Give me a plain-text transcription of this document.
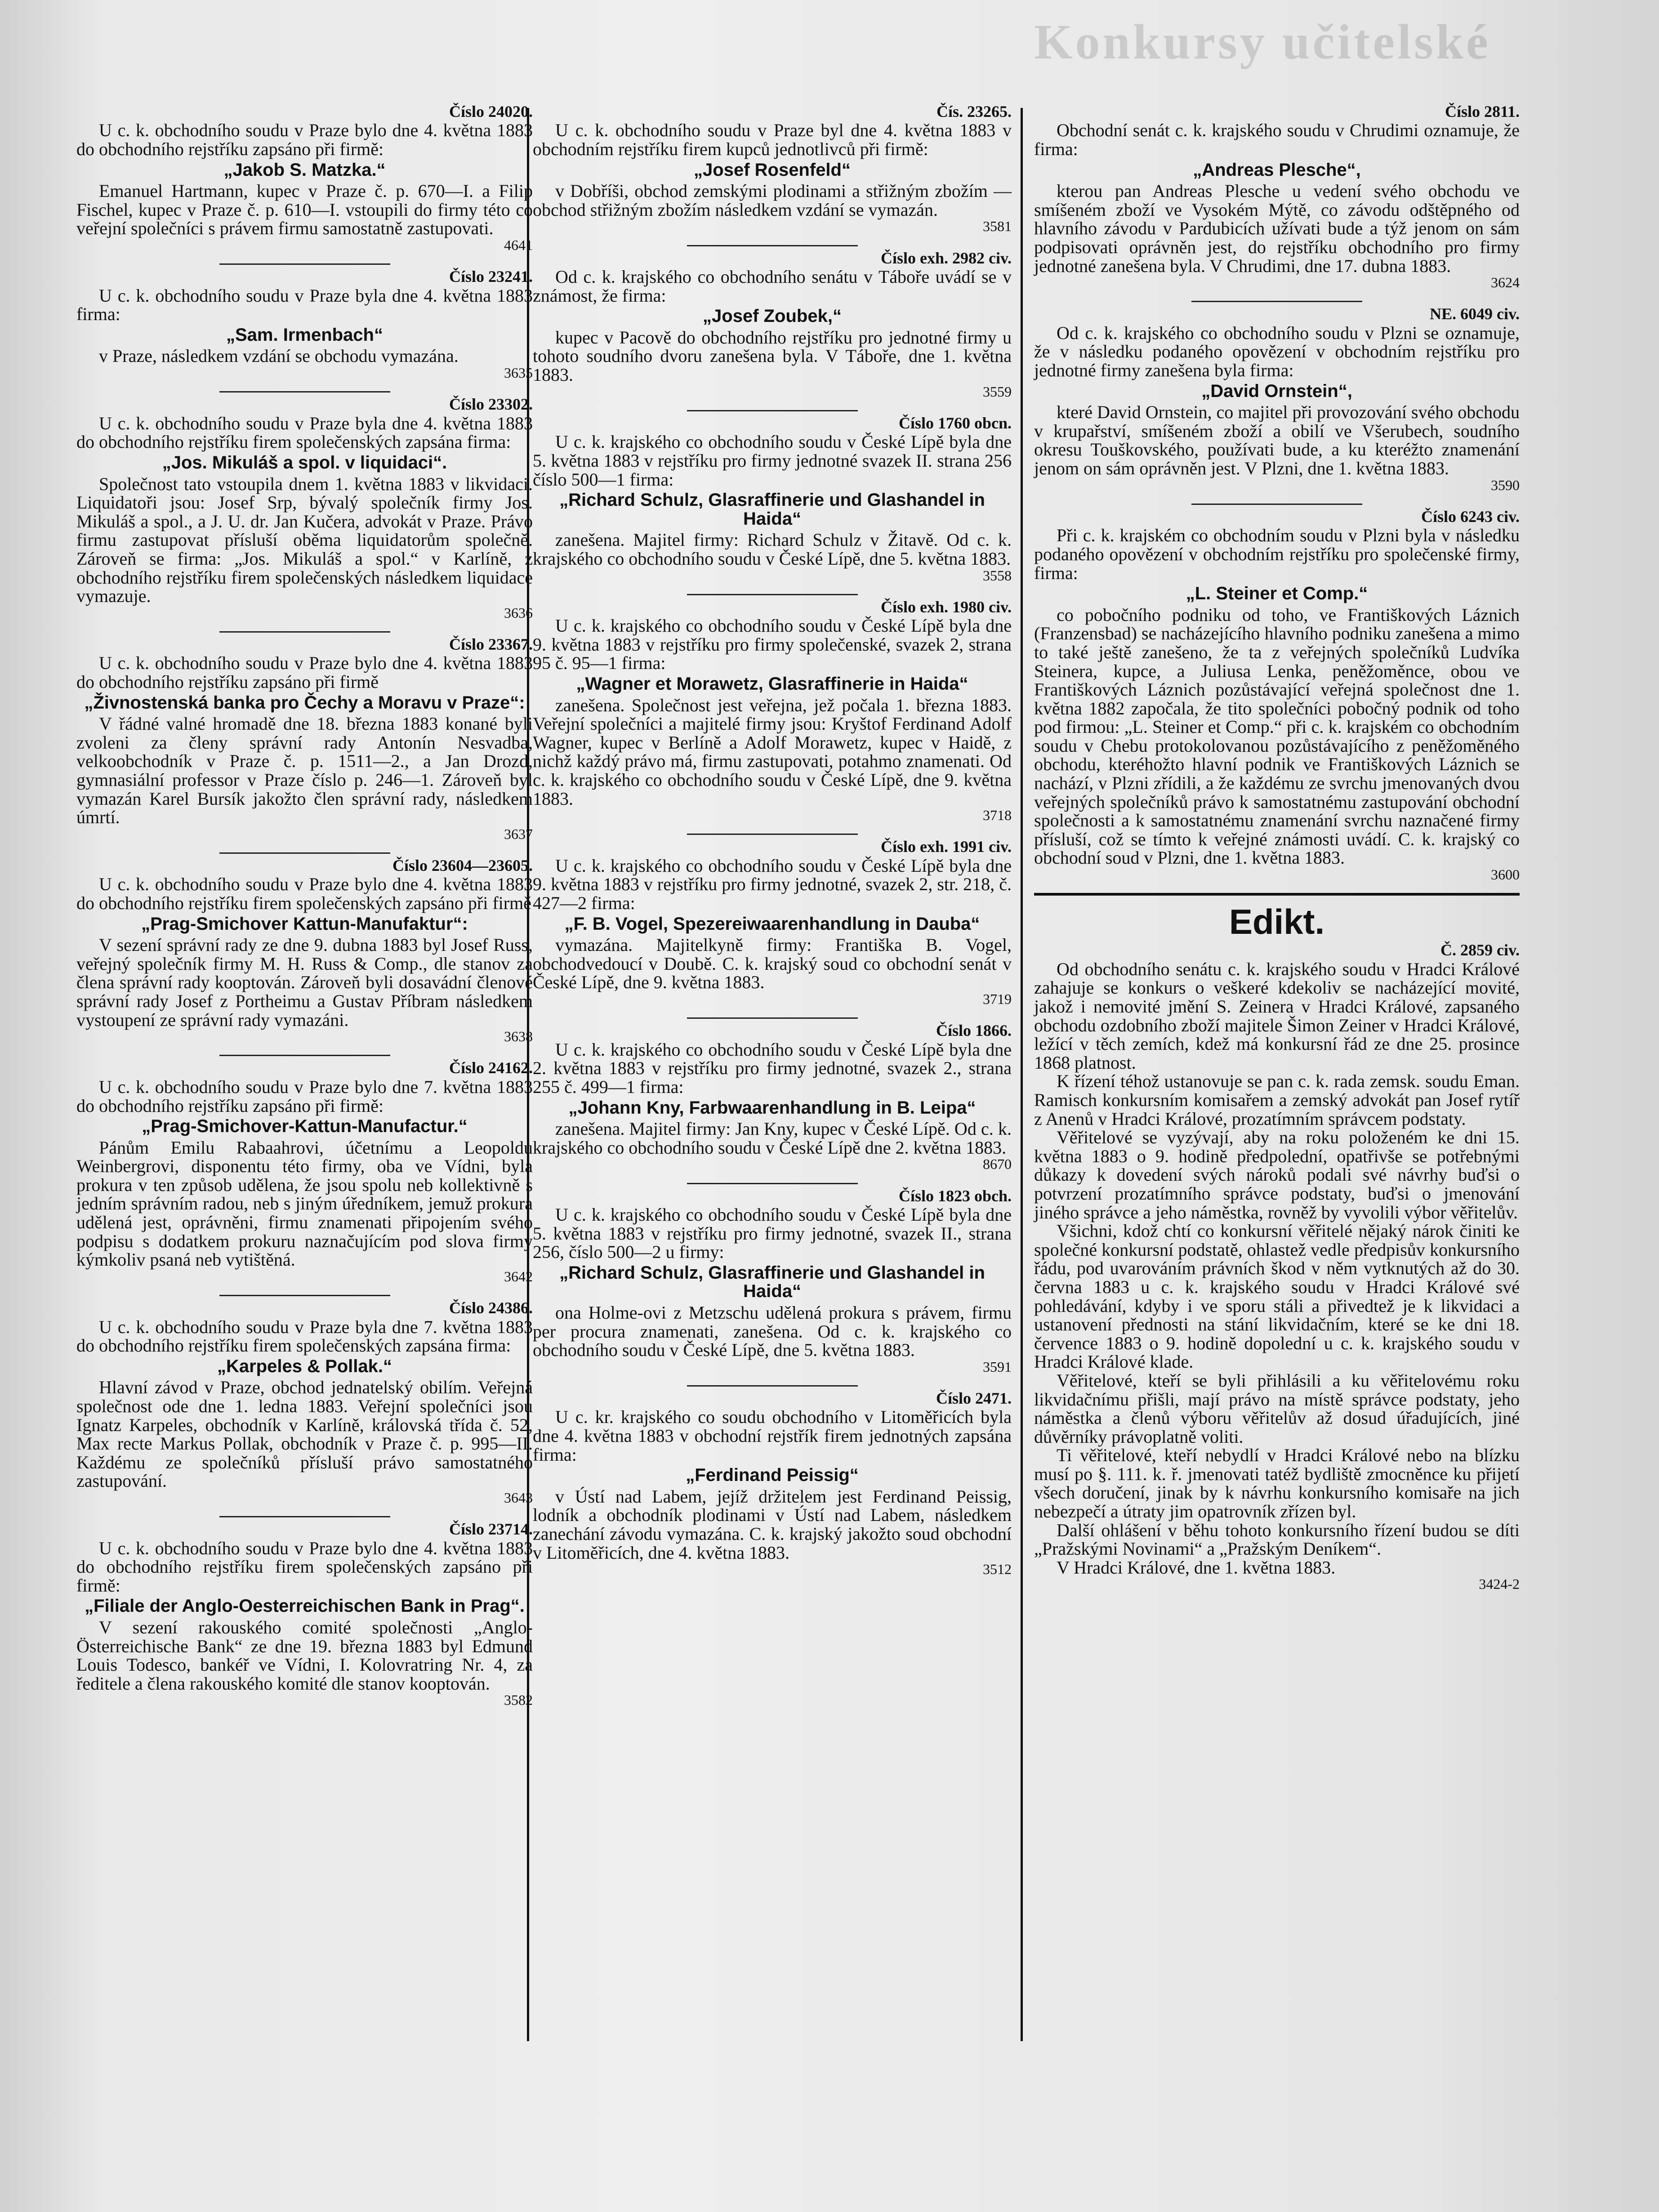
Konkursy učitelské
Číslo 24020.
U c. k. obchodního soudu v Praze bylo dne 4. května 1883 do obchodního rejstříku zapsáno při firmě:
„Jakob S. Matzka.“
Emanuel Hartmann, kupec v Praze č. p. 670—I. a Filip Fischel, kupec v Praze č. p. 610—I. vstoupili do firmy této co veřejní společníci s právem firmu samostatně zastupovati.
4641
Číslo 23241.
U c. k. obchodního soudu v Praze byla dne 4. května 1883 firma:
„Sam. Irmenbach“
v Praze, následkem vzdání se obchodu vymazána.
3635
Číslo 23302.
U c. k. obchodního soudu v Praze byla dne 4. května 1883 do obchodního rejstříku firem společenských zapsána firma:
„Jos. Mikuláš a spol. v liquidaci“.
Společnost tato vstoupila dnem 1. května 1883 v likvidaci. Liquidatoři jsou: Josef Srp, bývalý společník firmy Jos. Mikuláš a spol., a J. U. dr. Jan Kučera, advokát v Praze. Právo firmu zastupovat přísluší oběma liquidatorům společně. Zároveň se firma: „Jos. Mikuláš a spol.“ v Karlíně, z obchodního rejstříku firem společenských následkem liquidace vymazuje.
3636
Číslo 23367.
U c. k. obchodního soudu v Praze bylo dne 4. května 1883 do obchodního rejstříku zapsáno při firmě
„Živnostenská banka pro Čechy a Moravu v Praze“:
V řádné valné hromadě dne 18. března 1883 konané byli zvoleni za členy správní rady Antonín Nesvadba, velkoobchodník v Praze č. p. 1511—2., a Jan Drozd, gymnasiální professor v Praze číslo p. 246—1. Zároveň byl vymazán Karel Bursík jakožto člen správní rady, následkem úmrtí.
3637
Číslo 23604—23605.
U c. k. obchodního soudu v Praze bylo dne 4. května 1883 do obchodního rejstříku firem společenských zapsáno při firmě
„Prag-Smichover Kattun-Manufaktur“:
V sezení správní rady ze dne 9. dubna 1883 byl Josef Russ, veřejný společník firmy M. H. Russ & Comp., dle stanov za člena správní rady kooptován. Zároveň byli dosavádní členové správní rady Josef z Portheimu a Gustav Příbram následkem vystoupení ze správní rady vymazáni.
3638
Číslo 24162.
U c. k. obchodního soudu v Praze bylo dne 7. května 1883 do obchodního rejstříku zapsáno při firmě:
„Prag-Smichover-Kattun-Manufactur.“
Pánům Emilu Rabaahrovi, účetnímu a Leopoldu Weinbergrovi, disponentu této firmy, oba ve Vídni, byla prokura v ten způsob udělena, že jsou spolu neb kollektivně s jedním správním radou, neb s jiným úředníkem, jemuž prokura udělená jest, oprávněni, firmu znamenati připojením svého podpisu s dodatkem prokuru naznačujícím pod slova firmy kýmkoliv psaná neb vytištěná.
3642
Číslo 24386.
U c. k. obchodního soudu v Praze byla dne 7. května 1883 do obchodního rejstříku firem společenských zapsána firma:
„Karpeles & Pollak.“
Hlavní závod v Praze, obchod jednatelský obilím. Veřejná společnost ode dne 1. ledna 1883. Veřejní společníci jsou Ignatz Karpeles, obchodník v Karlíně, královská třída č. 52, Max recte Markus Pollak, obchodník v Praze č. p. 995—II. Každému ze společníků přísluší právo samostatného zastupování.
3643
Číslo 23714.
U c. k. obchodního soudu v Praze bylo dne 4. května 1883 do obchodního rejstříku firem společenských zapsáno při firmě:
„Filiale der Anglo-Oesterreichischen Bank in Prag“.
V sezení rakouského comité společnosti „Anglo-Österreichische Bank“ ze dne 19. března 1883 byl Edmund Louis Todesco, bankéř ve Vídni, I. Kolovratring Nr. 4, za ředitele a člena rakouského komité dle stanov kooptován.
3582
Čís. 23265.
U c. k. obchodního soudu v Praze byl dne 4. května 1883 v obchodním rejstříku firem kupců jednotlivců při firmě:
„Josef Rosenfeld“
v Dobříši, obchod zemskými plodinami a střižným zbožím — obchod střižným zbožím následkem vzdání se vymazán.
3581
Číslo exh. 2982 civ.
Od c. k. krajského co obchodního senátu v Táboře uvádí se v známost, že firma:
„Josef Zoubek,“
kupec v Pacově do obchodního rejstříku pro jednotné firmy u tohoto soudního dvoru zanešena byla. V Táboře, dne 1. května 1883.
3559
Číslo 1760 obcn.
U c. k. krajského co obchodního soudu v České Lípě byla dne 5. května 1883 v rejstříku pro firmy jednotné svazek II. strana 256 číslo 500—1 firma:
„Richard Schulz, Glasraffinerie und Glashandel in Haida“
zanešena. Majitel firmy: Richard Schulz v Žitavě. Od c. k. krajského co obchodního soudu v České Lípě, dne 5. května 1883.
3558
Číslo exh. 1980 civ.
U c. k. krajského co obchodního soudu v České Lípě byla dne 9. května 1883 v rejstříku pro firmy společenské, svazek 2, strana 95 č. 95—1 firma:
„Wagner et Morawetz, Glasraffinerie in Haida“
zanešena. Společnost jest veřejna, jež počala 1. března 1883. Veřejní společníci a majitelé firmy jsou: Kryštof Ferdinand Adolf Wagner, kupec v Berlíně a Adolf Morawetz, kupec v Haidě, z nichž každý právo má, firmu zastupovati, potahmo znamenati. Od c. k. krajského co obchodního soudu v České Lípě, dne 9. května 1883.
3718
Číslo exh. 1991 civ.
U c. k. krajského co obchodního soudu v České Lípě byla dne 9. května 1883 v rejstříku pro firmy jednotné, svazek 2, str. 218, č. 427—2 firma:
„F. B. Vogel, Spezereiwaarenhandlung in Dauba“
vymazána. Majitelkyně firmy: Františka B. Vogel, obchodvedoucí v Doubě. C. k. krajský soud co obchodní senát v České Lípě, dne 9. května 1883.
3719
Číslo 1866.
U c. k. krajského co obchodního soudu v České Lípě byla dne 2. května 1883 v rejstříku pro firmy jednotné, svazek 2., strana 255 č. 499—1 firma:
„Johann Kny, Farbwaarenhandlung in B. Leipa“
zanešena. Majitel firmy: Jan Kny, kupec v České Lípě. Od c. k. krajského co obchodního soudu v České Lípě dne 2. května 1883.
8670
Číslo 1823 obch.
U c. k. krajského co obchodního soudu v České Lípě byla dne 5. května 1883 v rejstříku pro firmy jednotné, svazek II., strana 256, číslo 500—2 u firmy:
„Richard Schulz, Glasraffinerie und Glashandel in Haida“
ona Holme-ovi z Metzschu udělená prokura s právem, firmu per procura znamenati, zanešena. Od c. k. krajského co obchodního soudu v České Lípě, dne 5. května 1883.
3591
Číslo 2471.
U c. kr. krajského co soudu obchodního v Litoměřicích byla dne 4. května 1883 v obchodní rejstřík firem jednotných zapsána firma:
„Ferdinand Peissig“
v Ústí nad Labem, jejíž držitelem jest Ferdinand Peissig, lodník a obchodník plodinami v Ústí nad Labem, následkem zanechání závodu vymazána. C. k. krajský jakožto soud obchodní v Litoměřicích, dne 4. května 1883.
3512
Číslo 2811.
Obchodní senát c. k. krajského soudu v Chrudimi oznamuje, že firma:
„Andreas Plesche“,
kterou pan Andreas Plesche u vedení svého obchodu ve smíšeném zboží ve Vysokém Mýtě, co závodu odštěpného od hlavního závodu v Pardubicích užívati bude a týž jenom on sám podpisovati oprávněn jest, do rejstříku obchodního pro firmy jednotné zanešena byla. V Chrudimi, dne 17. dubna 1883.
3624
NE. 6049 civ.
Od c. k. krajského co obchodního soudu v Plzni se oznamuje, že v následku podaného opovězení v obchodním rejstříku pro jednotné firmy zanešena byla firma:
„David Ornstein“,
které David Ornstein, co majitel při provozování svého obchodu v krupařství, smíšeném zboží a obilí ve Všerubech, soudního okresu Touškovského, používati bude, a ku kteréžto znamenání jenom on sám oprávněn jest. V Plzni, dne 1. května 1883.
3590
Číslo 6243 civ.
Při c. k. krajském co obchodním soudu v Plzni byla v následku podaného opovězení v obchodním rejstříku pro společenské firmy, firma:
„L. Steiner et Comp.“
co pobočního podniku od toho, ve Františkových Láznich (Franzensbad) se nacházejícího hlavního podniku zanešena a mimo to také ještě zanešeno, že ta z veřejných společníků Ludvíka Steinera, kupce, a Juliusa Lenka, peněžoměnce, obou ve Františkových Láznich pozůstávající veřejná společnost dne 1. května 1882 započala, že tito společníci pobočný podnik od toho pod firmou: „L. Steiner et Comp.“ při c. k. krajském co obchodním soudu v Chebu protokolovanou pozůstávajícího z peněžoměného obchodu, kteréhožto hlavní podnik ve Františkových Láznich se nachází, v Plzni zřídili, a že každému ze svrchu jmenovaných dvou veřejných společníků právo k samostatnému zastupování obchodní společnosti a k samostatnému znamenání svrchu naznačené firmy přísluší, což se tímto k veřejné známosti uvádí. C. k. krajský co obchodní soud v Plzni, dne 1. května 1883.
3600
Edikt.
Č. 2859 civ.
Od obchodního senátu c. k. krajského soudu v Hradci Králové zahajuje se konkurs o veškeré kdekoliv se nacházející movité, jakož i nemovité jmění S. Zeinera v Hradci Králové, zapsaného obchodu ozdobního zboží majitele Šimon Zeiner v Hradci Králové, ležící v těch zemích, kdež má konkursní řád ze dne 25. prosince 1868 platnost.
K řízení téhož ustanovuje se pan c. k. rada zemsk. soudu Eman. Ramisch konkursním komisařem a zemský advokát pan Josef rytíř z Anenů v Hradci Králové, prozatímním správcem podstaty.
Věřitelové se vyzývají, aby na roku položeném ke dni 15. května 1883 o 9. hodině předpolední, opatřivše se potřebnými důkazy k dovedení svých nároků podali své návrhy buďsi o potvrzení prozatímního správce podstaty, buďsi o jmenování jiného správce a jeho náměstka, rovněž by vyvolili výbor věřitelův.
Všichni, kdož chtí co konkursní věřitelé nějaký nárok činiti ke společné konkursní podstatě, ohlastež vedle předpisův konkursního řádu, pod uvarováním právních škod v něm vytknutých až do 30. června 1883 u c. k. krajského soudu v Hradci Králové své pohledávání, kdyby i ve sporu stáli a přivedtež je k likvidaci a ustanovení přednosti na stání likvidačním, které se ke dni 18. července 1883 o 9. hodině dopolední u c. k. krajského soudu v Hradci Králové klade.
Věřitelové, kteří se byli přihlásili a ku věřitelovému roku likvidačnímu přišli, mají právo na místě správce podstaty, jeho náměstka a členů výboru věřitelův až dosud úřadujících, jiné důvěrníky právoplatně voliti.
Ti věřitelové, kteří nebydlí v Hradci Králové nebo na blízku musí po §. 111. k. ř. jmenovati tatéž bydliště zmocněnce ku přijetí všech doručení, jinak by k návrhu konkursního komisaře na jich nebezpečí a útraty jim opatrovník zřízen byl.
Další ohlášení v běhu tohoto konkursního řízení budou se díti „Pražskými Novinami“ a „Pražským Deníkem“.
V Hradci Králové, dne 1. května 1883.
3424-2
